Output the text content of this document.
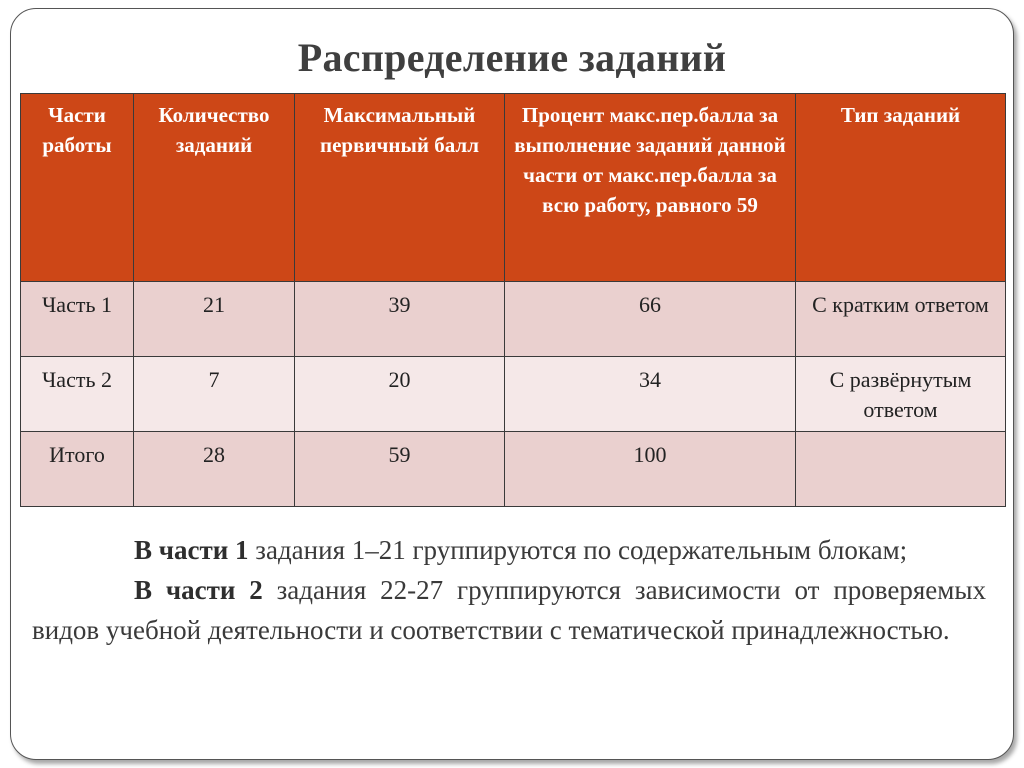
Распределение заданий
Части работы	Количество заданий	Максимальный первичный балл	Процент макс.пер.балла за выполнение заданий данной части от макс.пер.балла за всю работу, равного 59	Тип заданий
Часть 1	21	39	66	С кратким ответом
Часть 2	7	20	34	С развёрнутым ответом
Итого	28	59	100	

В части 1 задания 1–21 группируются по содержательным блокам;

В части 2 задания 22-27 группируются зависимости от проверяемых видов учебной деятельности и соответствии с тематической принадлежностью.
